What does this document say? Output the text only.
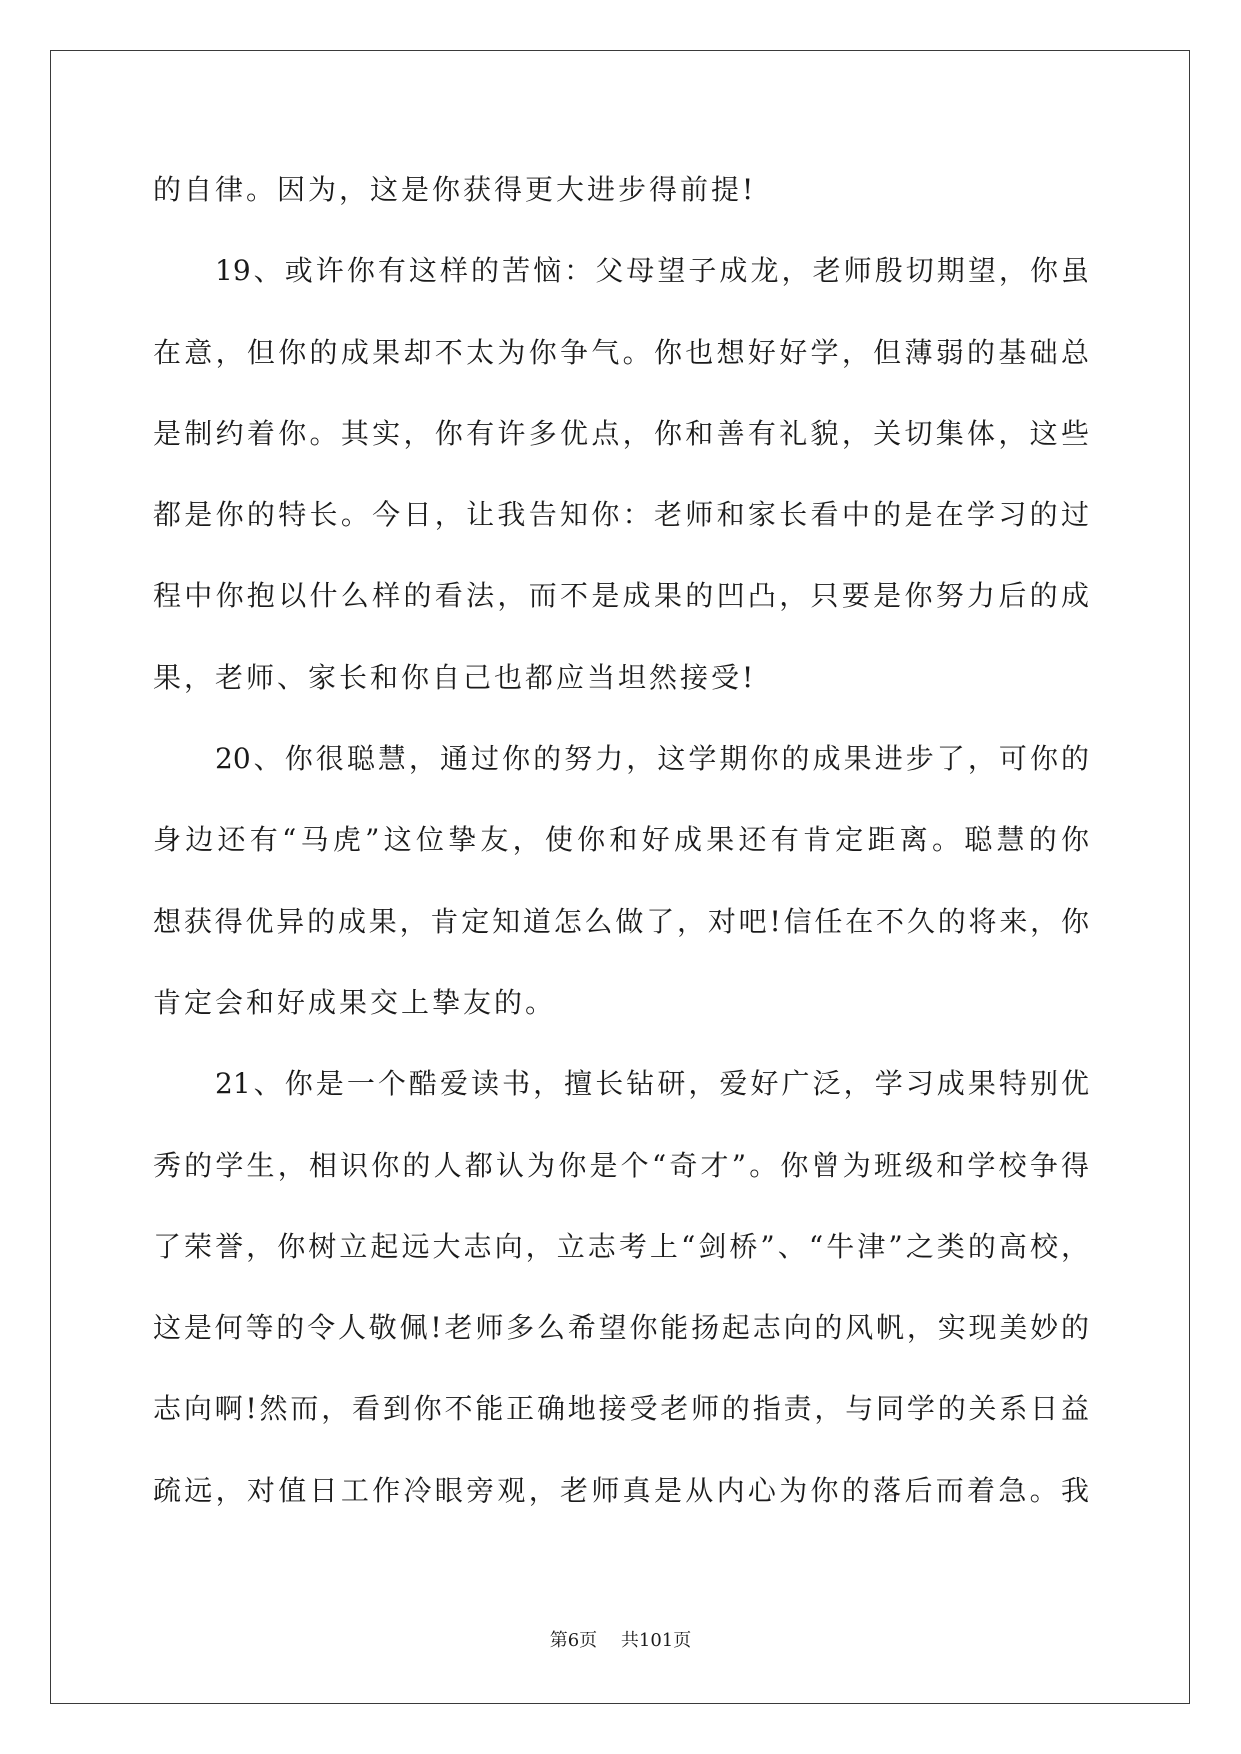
的自律。因为，这是你获得更大进步得前提!
19、或许你有这样的苦恼：父母望子成龙，老师殷切期望，你虽
在意，但你的成果却不太为你争气。你也想好好学，但薄弱的基础总
是制约着你。其实，你有许多优点，你和善有礼貌，关切集体，这些
都是你的特长。今日，让我告知你：老师和家长看中的是在学习的过
程中你抱以什么样的看法，而不是成果的凹凸，只要是你努力后的成
果，老师、家长和你自己也都应当坦然接受!
20、你很聪慧，通过你的努力，这学期你的成果进步了，可你的
身边还有“马虎”这位挚友，使你和好成果还有肯定距离。聪慧的你
想获得优异的成果，肯定知道怎么做了，对吧!信任在不久的将来，你
肯定会和好成果交上挚友的。
21、你是一个酷爱读书，擅长钻研，爱好广泛，学习成果特别优
秀的学生，相识你的人都认为你是个“奇才”。你曾为班级和学校争得
了荣誉，你树立起远大志向，立志考上“剑桥”、“牛津”之类的高校，
这是何等的令人敬佩!老师多么希望你能扬起志向的风帆，实现美妙的
志向啊!然而，看到你不能正确地接受老师的指责，与同学的关系日益
疏远，对值日工作冷眼旁观，老师真是从内心为你的落后而着急。我
第6页 共101页
